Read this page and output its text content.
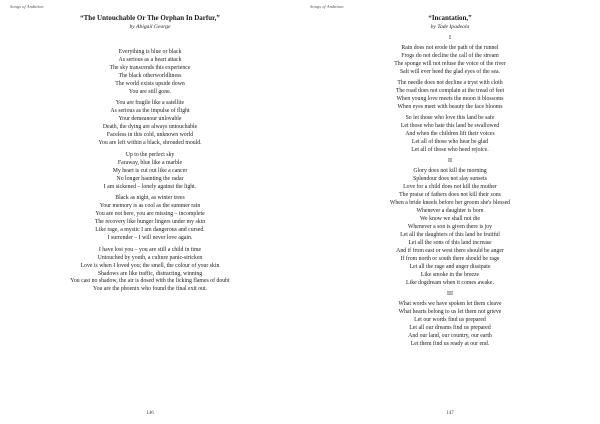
Songs of Ambition
“The Untouchable Or The Orphan In Darfur,”
by Abigail George
Everything is blue or black
As serious as a heart attack
The sky transcends this experience
The black otherworldliness
The world exists upside down
You are still gone.
You are fragile like a satellite
As serious as the impulse of flight
Your demeanour unlovable
Death, the dying are always untouchable
Faceless in this cold, unknown world
You are left within a black, shrouded mould.
Up to the perfect sky
Faraway, blue like a marble
My heart is cut out like a cancer
No longer haunting the radar
I am sickened – lonely against the light.
Black as night, as winter trees
Your memory is as cool as the summer rain
You are not here, you are missing – incomplete
The recovery like hunger lingers under my skin
Like rage, a mystic I am dangerous and cursed.
I surrender – I will never love again.
I have lost you – you are still a child in time
Untouched by youth, a culture panic-stricken
Love is when I loved you; the smell, the colour of your skin
Shadows are like traffic, distracting, winning
You cast no shadow, the air is dosed with the licking flames of doubt
You are the phoenix who found the final exit out.
146
Songs of Ambition
“Incantation,”
by Tade Ipadeola
I
Rain does not erode the path of the runnel
Frogs do not decline the call of the stream
The sponge will not refuse the voice of the river
Salt will ever heed the glad eyes of the sea.
The needle does not decline a tryst with cloth
The road does not complain at the tread of feet
When young love meets the moon it blossoms
When eyes meet with beauty the face blooms
So let those who love this land be safe
Let those who hate this land be swallowed
And when the children lift their voices
Let all of those who hear be glad
Let all of those who heed rejoice.
II
Glory does not kill the morning
Splendour does not slay sunsets
Love for a child does not kill the mother
The praise of fathers does not kill their sons
When a bride kneels before her groom she's blessed
Whenever a daughter is born
We know we shall not die
Whenever a son is given there is joy
Let all the daughters of this land be fruitful
Let all the sons of this land increase
And if from east or west there should be anger
If from north or south there should be rage
Let all the rage and anger dissipate
Like smoke in the breeze
Like dogdream when it comes awake.
III
What words we have spoken let them cleave
What hearts belong to us let them not grieve
Let our words find us prepared
Let all our dreams find us prepared
And our land, our country, our earth
Let them find us ready at our end.
147
